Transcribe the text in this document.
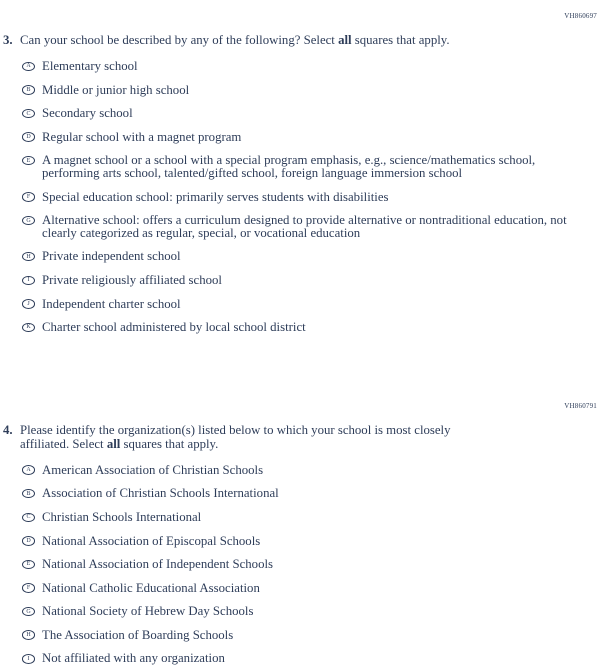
VH860697
3. Can your school be described by any of the following? Select all squares that apply.
A Elementary school
B Middle or junior high school
C Secondary school
D Regular school with a magnet program
E A magnet school or a school with a special program emphasis, e.g., science/mathematics school, performing arts school, talented/gifted school, foreign language immersion school
F Special education school: primarily serves students with disabilities
G Alternative school: offers a curriculum designed to provide alternative or nontraditional education, not clearly categorized as regular, special, or vocational education
H Private independent school
I Private religiously affiliated school
J Independent charter school
K Charter school administered by local school district
VH860791
4. Please identify the organization(s) listed below to which your school is most closely affiliated. Select all squares that apply.
A American Association of Christian Schools
B Association of Christian Schools International
C Christian Schools International
D National Association of Episcopal Schools
E National Association of Independent Schools
F National Catholic Educational Association
G National Society of Hebrew Day Schools
H The Association of Boarding Schools
I Not affiliated with any organization
